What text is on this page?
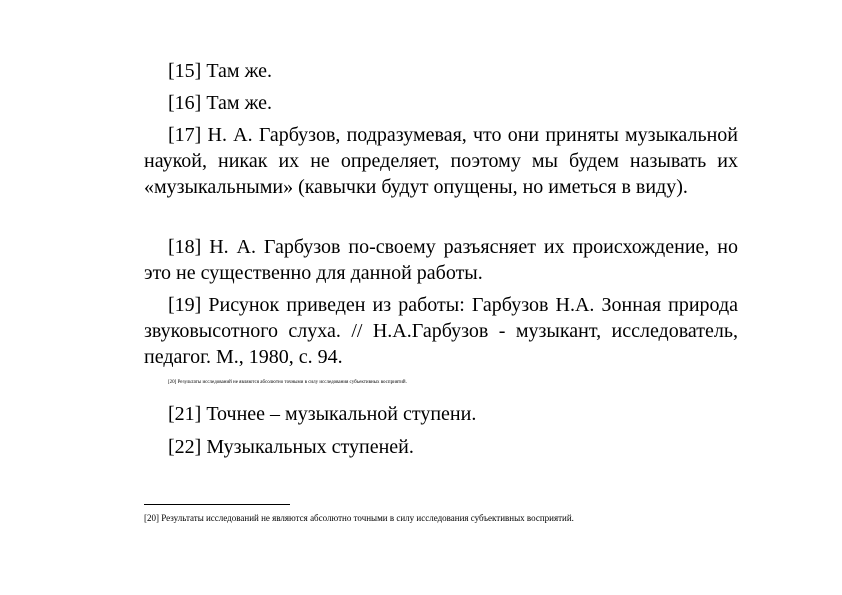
[15] Там же.

[16] Там же.

[17] Н. А. Гарбузов, подразумевая, что они приняты музыкальной наукой, никак их не определяет, поэтому мы будем называть их «музыкальными» (кавычки будут опущены, но иметься в виду).

[18] Н. А. Гарбузов по-своему разъясняет их происхождение, но это не существенно для данной работы.

[19] Рисунок приведен из работы: Гарбузов Н.А. Зонная природа звуковысотного слуха. // Н.А.Гарбузов - музыкант, исследователь, педагог. М., 1980, с. 94.

[20] Результаты исследований не являются абсолютно точными в силу исследования субъективных восприятий.

[21] Точнее – музыкальной ступени.

[22] Музыкальных ступеней.

[20] Результаты исследований не являются абсолютно точными в силу исследования субъективных восприятий.
